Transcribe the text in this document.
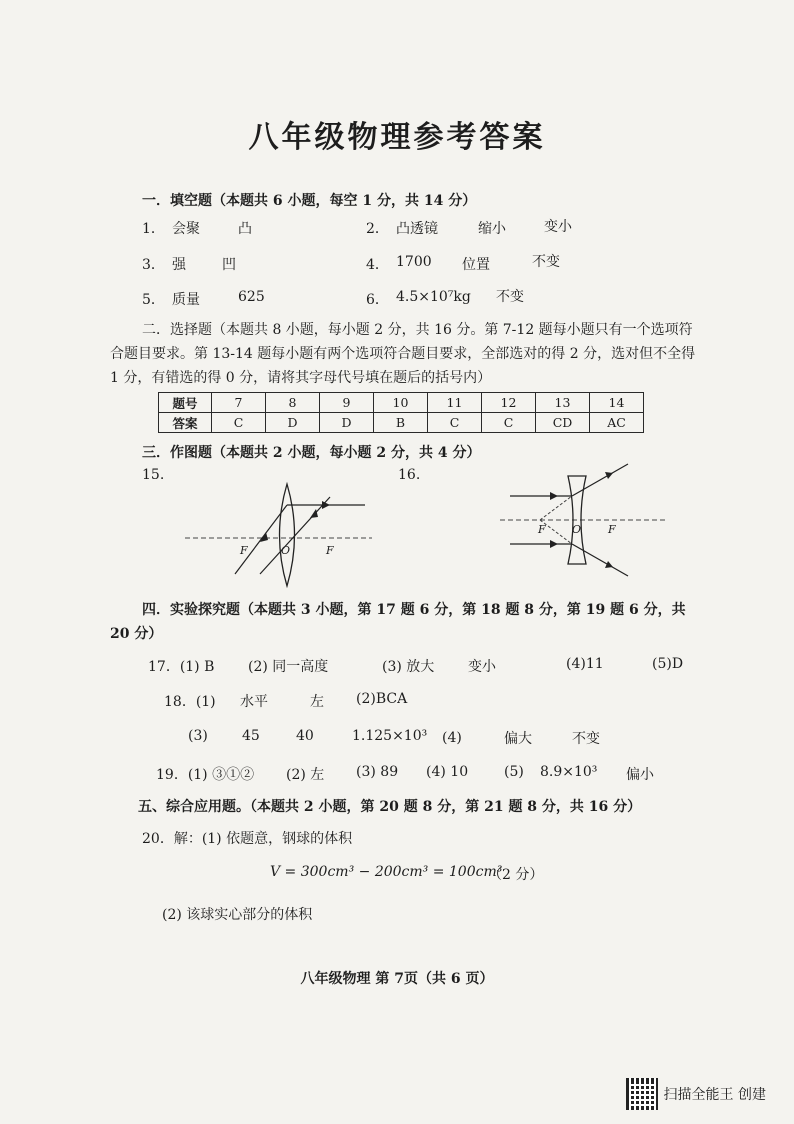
八年级物理参考答案
一．填空题（本题共 6 小题，每空 1 分，共 14 分）
1． 会聚	凸	2． 凸透镜	缩小	变小
3． 强	凹	4． 1700 位置	不变
5． 质量	625	6． 4.5×10⁷kg 不变
二．选择题（本题共 8 小题，每小题 2 分，共 16 分。第 7-12 题每小题只有一个选项符合题目要求。第 13-14 题每小题有两个选项符合题目要求，全部选对的得 2 分，选对但不全得 1 分，有错选的得 0 分，请将其字母代号填在题后的括号内）
题号	7	8	9	10	11	12	13	14
答案	C	D	D	B	C	C	CD	AC
三．作图题（本题共 2 小题，每小题 2 分，共 4 分）
15.	16.
F	O	F
F O F
四．实验探究题（本题共 3 小题，第 17 题 6 分，第 18 题 8 分，第 19 题 6 分，共 20 分）
17．(1) B (2) 同一高度	(3) 放大 变小	(4)11	(5)D
18．(1) 水平	左 (2)BCA
(3) 45	40	1.125×10³ (4)	偏大	不变
19．(1) ③①② (2) 左 (3) 89 (4) 10	(5) 8.9×10³ 偏小
五、综合应用题。（本题共 2 小题，第 20 题 8 分，第 21 题 8 分，共 16 分）
20．解：(1) 依题意，钢球的体积
V = 300cm³ − 200cm³ = 100cm³
（2 分）
(2) 该球实心部分的体积
八年级物理 第 7页（共 6 页）
扫描全能王 创建
